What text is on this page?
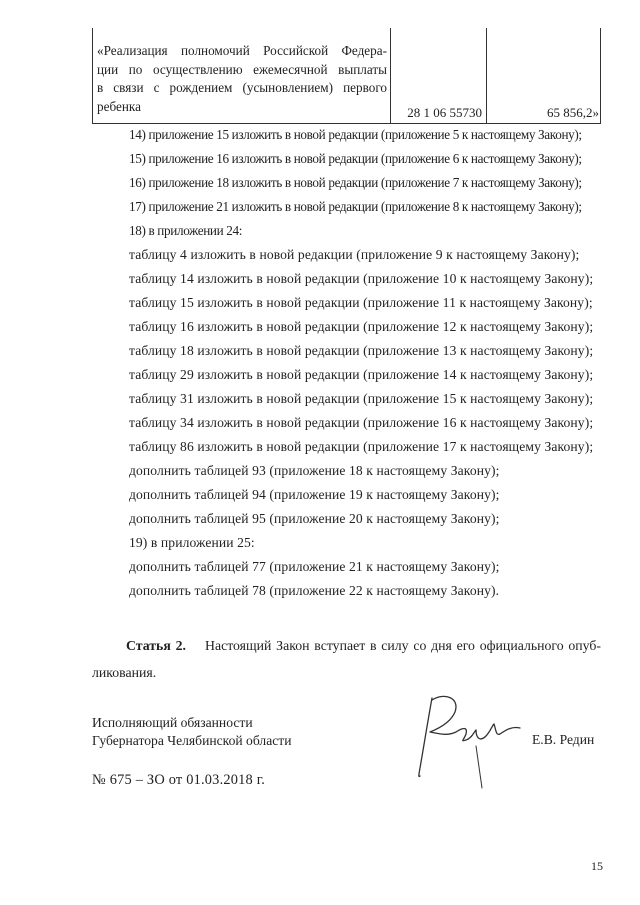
«Реализация полномочий Российской Федера-
ции по осуществлению ежемесячной выплаты
в связи с рождением (усыновлением) первого
ребенка	28 1 06 55730	65 856,2»
14) приложение 15 изложить в новой редакции (приложение 5 к настоящему Закону);
15) приложение 16 изложить в новой редакции (приложение 6 к настоящему Закону);
16) приложение 18 изложить в новой редакции (приложение 7 к настоящему Закону);
17) приложение 21 изложить в новой редакции (приложение 8 к настоящему Закону);
18) в приложении 24:
таблицу 4 изложить в новой редакции (приложение 9 к настоящему Закону);
таблицу 14 изложить в новой редакции (приложение 10 к настоящему Закону);
таблицу 15 изложить в новой редакции (приложение 11 к настоящему Закону);
таблицу 16 изложить в новой редакции (приложение 12 к настоящему Закону);
таблицу 18 изложить в новой редакции (приложение 13 к настоящему Закону);
таблицу 29 изложить в новой редакции (приложение 14 к настоящему Закону);
таблицу 31 изложить в новой редакции (приложение 15 к настоящему Закону);
таблицу 34 изложить в новой редакции (приложение 16 к настоящему Закону);
таблицу 86 изложить в новой редакции (приложение 17 к настоящему Закону);
дополнить таблицей 93 (приложение 18 к настоящему Закону);
дополнить таблицей 94 (приложение 19 к настоящему Закону);
дополнить таблицей 95 (приложение 20 к настоящему Закону);
19) в приложении 25:
дополнить таблицей 77 (приложение 21 к настоящему Закону);
дополнить таблицей 78 (приложение 22 к настоящему Закону).
Статья 2. Настоящий Закон вступает в силу со дня его официального опуб-ликования.
Исполняющий обязанности
Губернатора Челябинской области	Е.В. Редин
№ 675 – ЗО от 01.03.2018 г.
15
